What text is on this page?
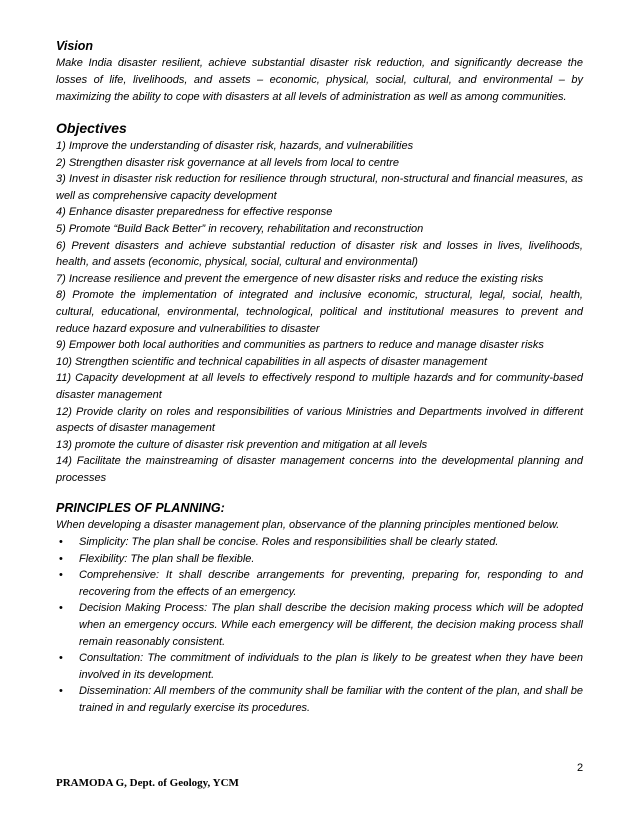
Vision

Make India disaster resilient, achieve substantial disaster risk reduction, and significantly decrease the losses of life, livelihoods, and assets – economic, physical, social, cultural, and environmental – by maximizing the ability to cope with disasters at all levels of administration as well as among communities.

Objectives

1) Improve the understanding of disaster risk, hazards, and vulnerabilities

2) Strengthen disaster risk governance at all levels from local to centre

3) Invest in disaster risk reduction for resilience through structural, non-structural and financial measures, as well as comprehensive capacity development

4) Enhance disaster preparedness for effective response

5) Promote “Build Back Better” in recovery, rehabilitation and reconstruction

6) Prevent disasters and achieve substantial reduction of disaster risk and losses in lives, livelihoods, health, and assets (economic, physical, social, cultural and environmental)

7) Increase resilience and prevent the emergence of new disaster risks and reduce the existing risks

8) Promote the implementation of integrated and inclusive economic, structural, legal, social, health, cultural, educational, environmental, technological, political and institutional measures to prevent and reduce hazard exposure and vulnerabilities to disaster

9) Empower both local authorities and communities as partners to reduce and manage disaster risks

10) Strengthen scientific and technical capabilities in all aspects of disaster management

11) Capacity development at all levels to effectively respond to multiple hazards and for community-based disaster management

12) Provide clarity on roles and responsibilities of various Ministries and Departments involved in different aspects of disaster management

13) promote the culture of disaster risk prevention and mitigation at all levels

14) Facilitate the mainstreaming of disaster management concerns into the developmental planning and processes

PRINCIPLES OF PLANNING:

When developing a disaster management plan, observance of the planning principles mentioned below.

• Simplicity: The plan shall be concise. Roles and responsibilities shall be clearly stated.
• Flexibility: The plan shall be flexible.
• Comprehensive: It shall describe arrangements for preventing, preparing for, responding to and recovering from the effects of an emergency.
• Decision Making Process: The plan shall describe the decision making process which will be adopted when an emergency occurs. While each emergency will be different, the decision making process shall remain reasonably consistent.
• Consultation: The commitment of individuals to the plan is likely to be greatest when they have been involved in its development.
• Dissemination: All members of the community shall be familiar with the content of the plan, and shall be trained in and regularly exercise its procedures.
2
PRAMODA G, Dept. of Geology, YCM
